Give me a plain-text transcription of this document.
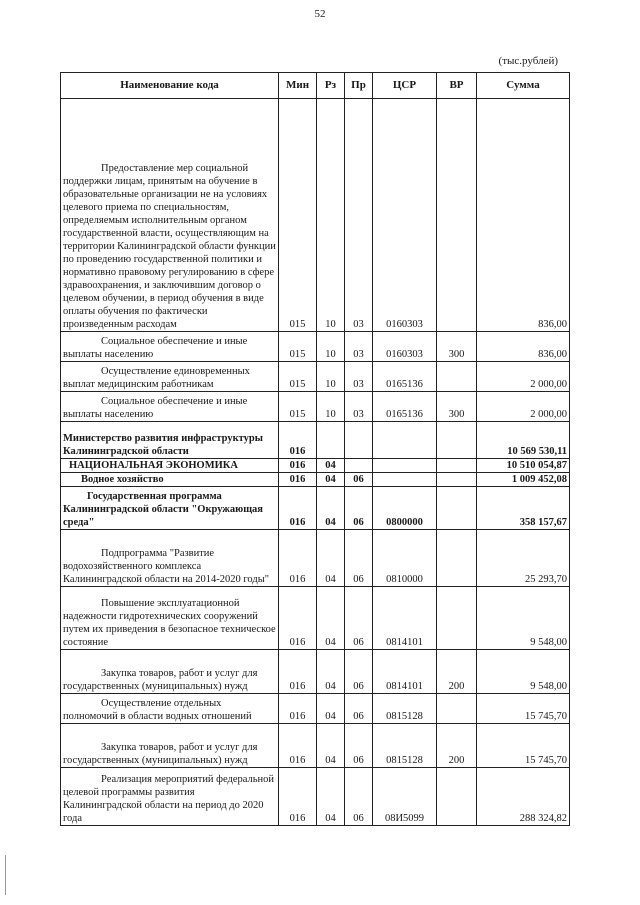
52
(тыс.рублей)
Наименование кода	Мин	Рз	Пр	ЦСР	ВР	Сумма

Предоставление мер социальной поддержки лицам, принятым на обучение в образовательные организации не на условиях целевого приема по специальностям, определяемым исполнительным органом государственной власти, осуществляющим на территории Калининградской области функции по проведению государственной политики и нормативно правовому регулированию в сфере здравоохранения, и заключившим договор о целевом обучении, в период обучения в виде оплаты обучения по фактически произведенным расходам	015	10	03	0160303		836,00

Социальное обеспечение и иные выплаты населению	015	10	03	0160303	300	836,00

Осуществление единовременных выплат медицинским работникам	015	10	03	0165136		2 000,00

Социальное обеспечение и иные выплаты населению	015	10	03	0165136	300	2 000,00

Министерство развития инфраструктуры Калининградской области	016					10 569 530,11

НАЦИОНАЛЬНАЯ ЭКОНОМИКА	016	04				10 510 054,87

Водное хозяйство	016	04	06			1 009 452,08

Государственная программа Калининградской области "Окружающая среда"	016	04	06	0800000		358 157,67

Подпрограмма "Развитие водохозяйственного комплекса Калининградской области на 2014-2020 годы"	016	04	06	0810000		25 293,70

Повышение эксплуатационной надежности гидротехнических сооружений путем их приведения в безопасное техническое состояние	016	04	06	0814101		9 548,00

Закупка товаров, работ и услуг для государственных (муниципальных) нужд	016	04	06	0814101	200	9 548,00

Осуществление отдельных полномочий в области водных отношений	016	04	06	0815128		15 745,70

Закупка товаров, работ и услуг для государственных (муниципальных) нужд	016	04	06	0815128	200	15 745,70

Реализация мероприятий федеральной целевой программы развития Калининградской области на период до 2020 года	016	04	06	08И5099		288 324,82
